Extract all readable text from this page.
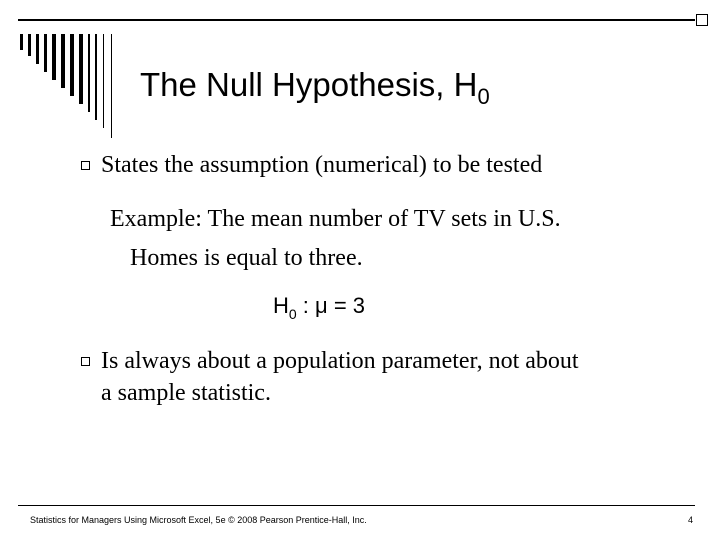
The Null Hypothesis, $H_0$
States the assumption (numerical) to be tested
Example: The mean number of TV sets in U.S.
Homes is equal to three.
$H_0$ : μ = 3
Is always about a population parameter, not about
a sample statistic.
Statistics for Managers Using Microsoft Excel, 5e © 2008 Pearson Prentice-Hall, Inc.	4
